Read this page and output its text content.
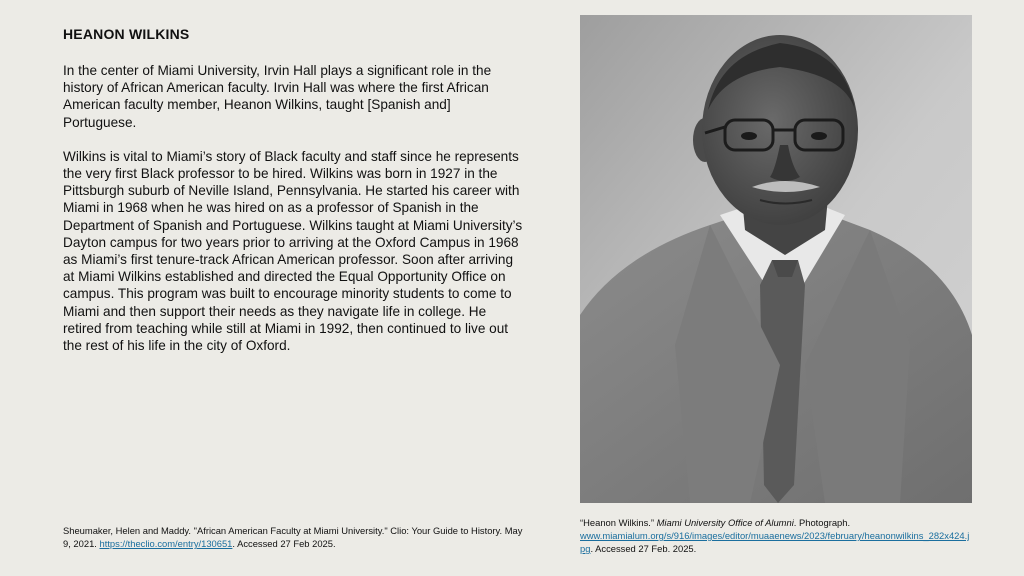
HEANON WILKINS

In the center of Miami University, Irvin Hall plays a significant role in the history of African American faculty. Irvin Hall was where the first African American faculty member, Heanon Wilkins, taught [Spanish and] Portuguese.

Wilkins is vital to Miami’s story of Black faculty and staff since he represents the very first Black professor to be hired. Wilkins was born in 1927 in the Pittsburgh suburb of Neville Island, Pennsylvania. He started his career with Miami in 1968 when he was hired on as a professor of Spanish in the Department of Spanish and Portuguese. Wilkins taught at Miami University’s Dayton campus for two years prior to arriving at the Oxford Campus in 1968 as Miami’s first tenure-track African American professor. Soon after arriving at Miami Wilkins established and directed the Equal Opportunity Office on campus. This program was built to encourage minority students to come to Miami and then support their needs as they navigate life in college. He retired from teaching while still at Miami in 1992, then continued to live out the rest of his life in the city of Oxford.

Sheumaker, Helen and Maddy. "African American Faculty at Miami University." Clio: Your Guide to History. May 9, 2021. https://theclio.com/entry/130651. Accessed 27 Feb 2025.
“Heanon Wilkins.” Miami University Office of Alumni. Photograph.
www.miamialum.org/s/916/images/editor/muaaenews/2023/february/heanonwilkins_282x424.jpg. Accessed 27 Feb. 2025.
